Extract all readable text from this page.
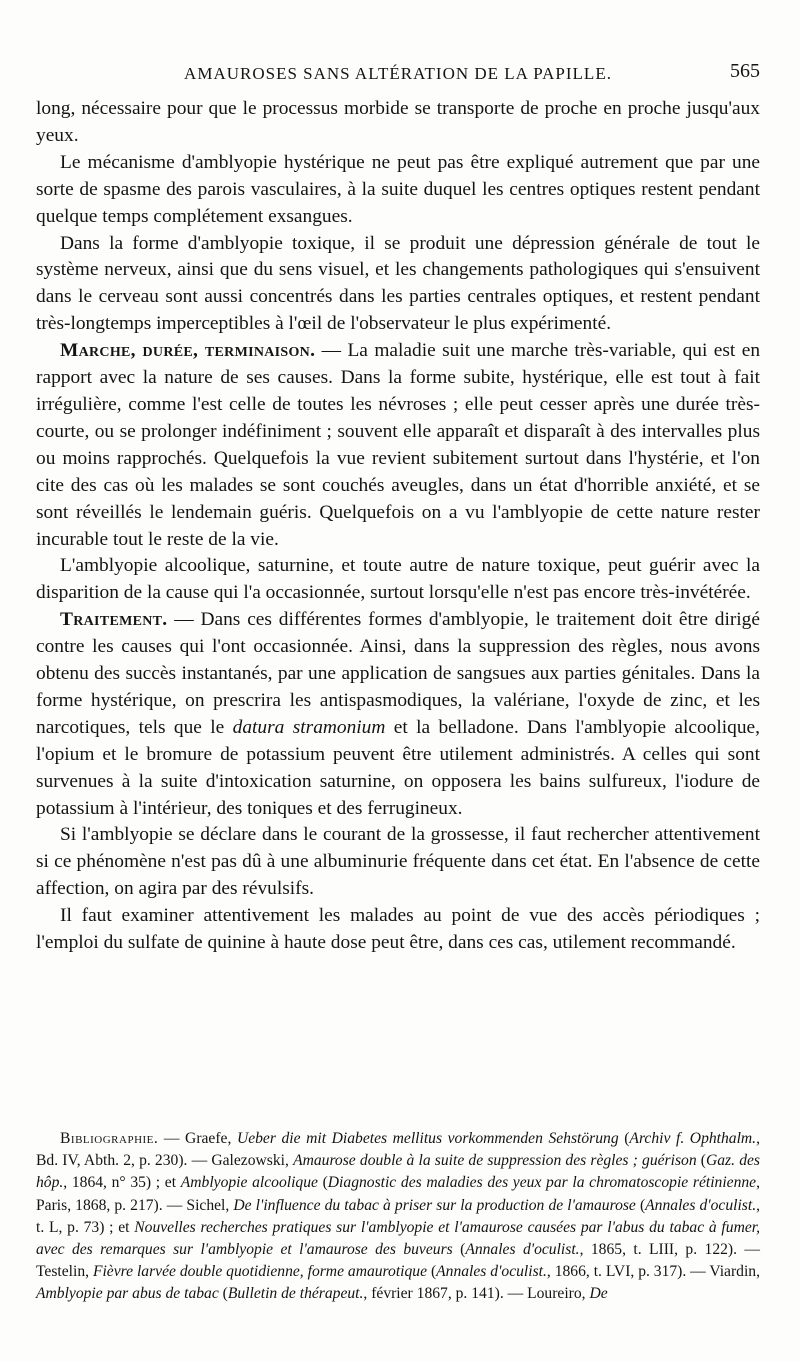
AMAUROSES SANS ALTÉRATION DE LA PAPILLE.	565

long, nécessaire pour que le processus morbide se transporte de proche en proche jusqu'aux yeux.

Le mécanisme d'amblyopie hystérique ne peut pas être expliqué autrement que par une sorte de spasme des parois vasculaires, à la suite duquel les centres optiques restent pendant quelque temps complétement exsangues.

Dans la forme d'amblyopie toxique, il se produit une dépression générale de tout le système nerveux, ainsi que du sens visuel, et les changements pathologiques qui s'ensuivent dans le cerveau sont aussi concentrés dans les parties centrales optiques, et restent pendant très-longtemps imperceptibles à l'œil de l'observateur le plus expérimenté.

Marche, durée, terminaison. — La maladie suit une marche très-variable, qui est en rapport avec la nature de ses causes. Dans la forme subite, hystérique, elle est tout à fait irrégulière, comme l'est celle de toutes les névroses ; elle peut cesser après une durée très-courte, ou se prolonger indéfiniment ; souvent elle apparaît et disparaît à des intervalles plus ou moins rapprochés. Quelquefois la vue revient subitement surtout dans l'hystérie, et l'on cite des cas où les malades se sont couchés aveugles, dans un état d'horrible anxiété, et se sont réveillés le lendemain guéris. Quelquefois on a vu l'amblyopie de cette nature rester incurable tout le reste de la vie.

L'amblyopie alcoolique, saturnine, et toute autre de nature toxique, peut guérir avec la disparition de la cause qui l'a occasionnée, surtout lorsqu'elle n'est pas encore très-invétérée.

Traitement. — Dans ces différentes formes d'amblyopie, le traitement doit être dirigé contre les causes qui l'ont occasionnée. Ainsi, dans la suppression des règles, nous avons obtenu des succès instantanés, par une application de sangsues aux parties génitales. Dans la forme hystérique, on prescrira les antispasmodiques, la valériane, l'oxyde de zinc, et les narcotiques, tels que le datura stramonium et la belladone. Dans l'amblyopie alcoolique, l'opium et le bromure de potassium peuvent être utilement administrés. A celles qui sont survenues à la suite d'intoxication saturnine, on opposera les bains sulfureux, l'iodure de potassium à l'intérieur, des toniques et des ferrugineux.

Si l'amblyopie se déclare dans le courant de la grossesse, il faut rechercher attentivement si ce phénomène n'est pas dû à une albuminurie fréquente dans cet état. En l'absence de cette affection, on agira par des révulsifs.

Il faut examiner attentivement les malades au point de vue des accès périodiques ; l'emploi du sulfate de quinine à haute dose peut être, dans ces cas, utilement recommandé.

Bibliographie. — Graefe, Ueber die mit Diabetes mellitus vorkommenden Sehstörung (Archiv f. Ophthalm., Bd. IV, Abth. 2, p. 230). — Galezowski, Amaurose double à la suite de suppression des règles ; guérison (Gaz. des hôp., 1864, n° 35) ; et Amblyopie alcoolique (Diagnostic des maladies des yeux par la chromatoscopie rétinienne, Paris, 1868, p. 217). — Sichel, De l'influence du tabac à priser sur la production de l'amaurose (Annales d'oculist., t. L, p. 73) ; et Nouvelles recherches pratiques sur l'amblyopie et l'amaurose causées par l'abus du tabac à fumer, avec des remarques sur l'amblyopie et l'amaurose des buveurs (Annales d'oculist., 1865, t. LIII, p. 122). — Testelin, Fièvre larvée double quotidienne, forme amaurotique (Annales d'oculist., 1866, t. LVI, p. 317). — Viardin, Amblyopie par abus de tabac (Bulletin de thérapeut., février 1867, p. 141). — Loureiro, De
